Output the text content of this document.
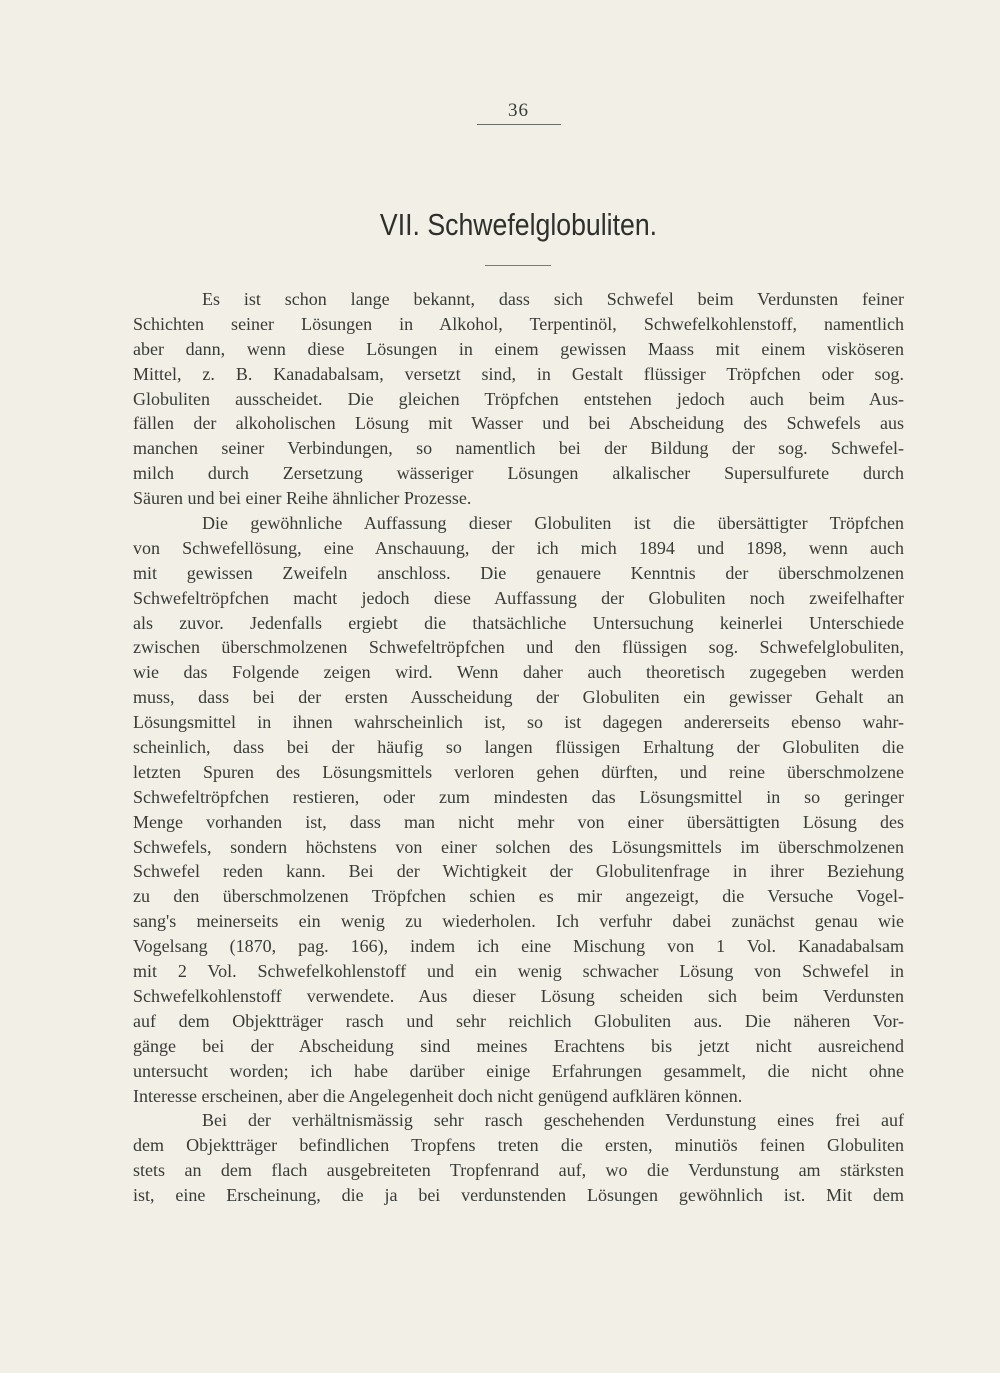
36
VII. Schwefelglobuliten.
Es ist schon lange bekannt, dass sich Schwefel beim Verdunsten feiner
Schichten seiner Lösungen in Alkohol, Terpentinöl, Schwefelkohlenstoff, namentlich
aber dann, wenn diese Lösungen in einem gewissen Maass mit einem visköseren
Mittel, z. B. Kanadabalsam, versetzt sind, in Gestalt flüssiger Tröpfchen oder sog.
Globuliten ausscheidet. Die gleichen Tröpfchen entstehen jedoch auch beim Aus-
fällen der alkoholischen Lösung mit Wasser und bei Abscheidung des Schwefels aus
manchen seiner Verbindungen, so namentlich bei der Bildung der sog. Schwefel-
milch durch Zersetzung wässeriger Lösungen alkalischer Supersulfurete durch
Säuren und bei einer Reihe ähnlicher Prozesse.
Die gewöhnliche Auffassung dieser Globuliten ist die übersättigter Tröpfchen
von Schwefellösung, eine Anschauung, der ich mich 1894 und 1898, wenn auch
mit gewissen Zweifeln anschloss. Die genauere Kenntnis der überschmolzenen
Schwefeltröpfchen macht jedoch diese Auffassung der Globuliten noch zweifelhafter
als zuvor. Jedenfalls ergiebt die thatsächliche Untersuchung keinerlei Unterschiede
zwischen überschmolzenen Schwefeltröpfchen und den flüssigen sog. Schwefelglobuliten,
wie das Folgende zeigen wird. Wenn daher auch theoretisch zugegeben werden
muss, dass bei der ersten Ausscheidung der Globuliten ein gewisser Gehalt an
Lösungsmittel in ihnen wahrscheinlich ist, so ist dagegen andererseits ebenso wahr-
scheinlich, dass bei der häufig so langen flüssigen Erhaltung der Globuliten die
letzten Spuren des Lösungsmittels verloren gehen dürften, und reine überschmolzene
Schwefeltröpfchen restieren, oder zum mindesten das Lösungsmittel in so geringer
Menge vorhanden ist, dass man nicht mehr von einer übersättigten Lösung des
Schwefels, sondern höchstens von einer solchen des Lösungsmittels im überschmolzenen
Schwefel reden kann. Bei der Wichtigkeit der Globulitenfrage in ihrer Beziehung
zu den überschmolzenen Tröpfchen schien es mir angezeigt, die Versuche Vogel-
sang's meinerseits ein wenig zu wiederholen. Ich verfuhr dabei zunächst genau wie
Vogelsang (1870, pag. 166), indem ich eine Mischung von 1 Vol. Kanadabalsam
mit 2 Vol. Schwefelkohlenstoff und ein wenig schwacher Lösung von Schwefel in
Schwefelkohlenstoff verwendete. Aus dieser Lösung scheiden sich beim Verdunsten
auf dem Objektträger rasch und sehr reichlich Globuliten aus. Die näheren Vor-
gänge bei der Abscheidung sind meines Erachtens bis jetzt nicht ausreichend
untersucht worden; ich habe darüber einige Erfahrungen gesammelt, die nicht ohne
Interesse erscheinen, aber die Angelegenheit doch nicht genügend aufklären können.
Bei der verhältnismässig sehr rasch geschehenden Verdunstung eines frei auf
dem Objektträger befindlichen Tropfens treten die ersten, minutiös feinen Globuliten
stets an dem flach ausgebreiteten Tropfenrand auf, wo die Verdunstung am stärksten
ist, eine Erscheinung, die ja bei verdunstenden Lösungen gewöhnlich ist. Mit dem
